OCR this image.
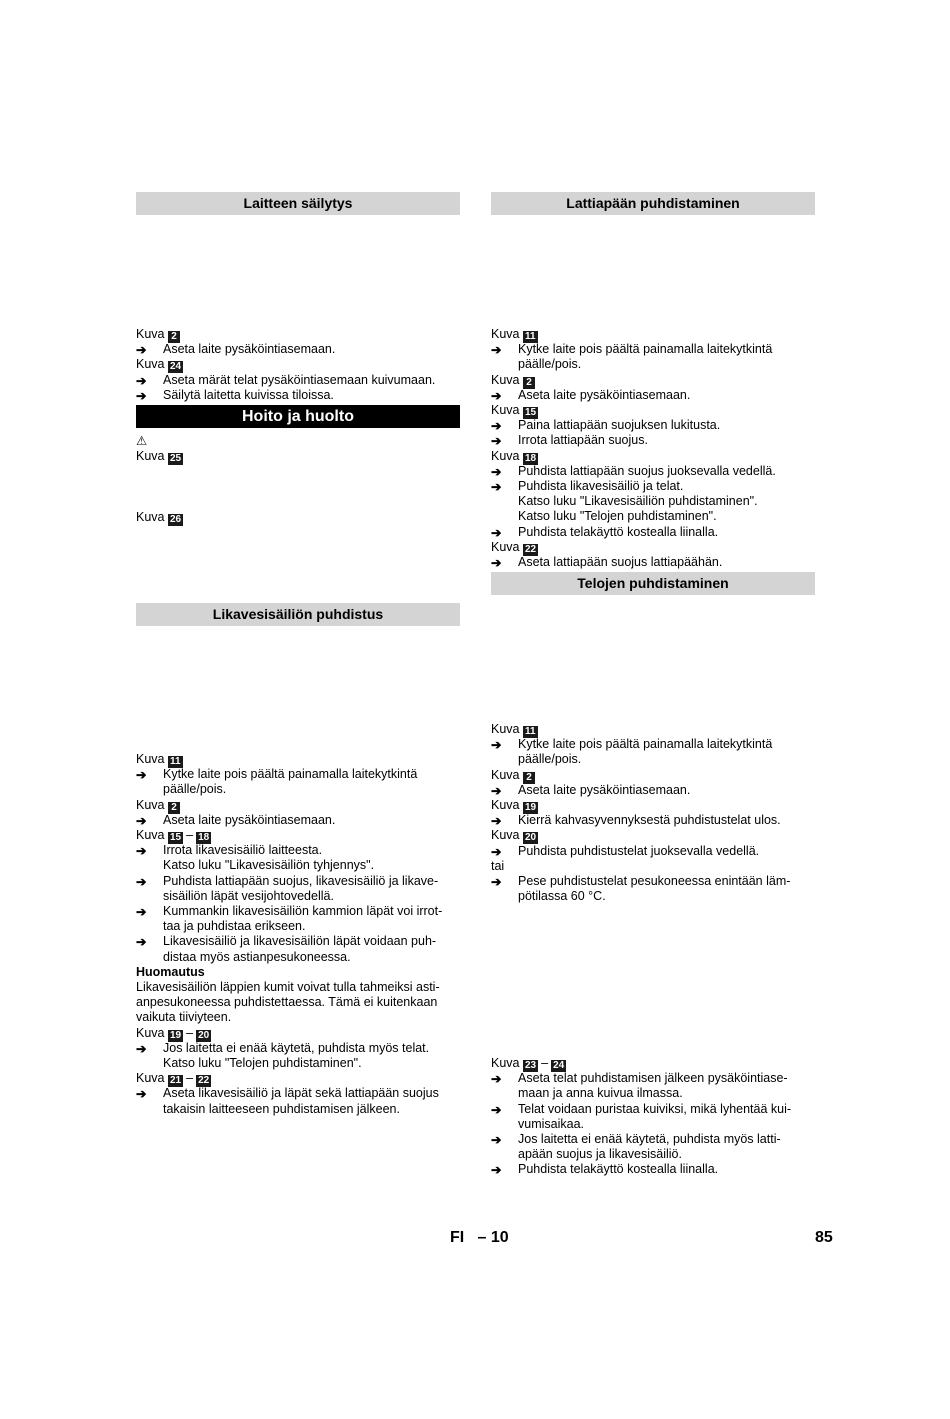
Laitteen säilytys
Kuva 2
➔ Aseta laite pysäköintiasemaan.
Kuva 24
➔ Aseta märät telat pysäköintiasemaan kuivumaan.
➔ Säilytä laitetta kuivissa tiloissa.
Hoito ja huolto
⚠
Kuva 25
Kuva 26
Likavesisäiliön puhdistus
Kuva 11
➔ Kytke laite pois päältä painamalla laitekytkintä
päälle/pois.
Kuva 2
➔ Aseta laite pysäköintiasemaan.
Kuva 15 – 18
➔ Irrota likavesisäiliö laitteesta.
Katso luku "Likavesisäiliön tyhjennys".
➔ Puhdista lattiapään suojus, likavesisäiliö ja likave-
sisäiliön läpät vesijohtovedellä.
➔ Kummankin likavesisäiliön kammion läpät voi irrot-
taa ja puhdistaa erikseen.
➔ Likavesisäiliö ja likavesisäiliön läpät voidaan puh-
distaa myös astianpesukoneessa.
Huomautus
Likavesisäiliön läppien kumit voivat tulla tahmeiksi asti-
anpesukoneessa puhdistettaessa. Tämä ei kuitenkaan
vaikuta tiiviyteen.
Kuva 19 – 20
➔ Jos laitetta ei enää käytetä, puhdista myös telat.
Katso luku "Telojen puhdistaminen".
Kuva 21 – 22
➔ Aseta likavesisäiliö ja läpät sekä lattiapään suojus
takaisin laitteeseen puhdistamisen jälkeen.
Lattiapään puhdistaminen
Kuva 11
➔ Kytke laite pois päältä painamalla laitekytkintä
päälle/pois.
Kuva 2
➔ Aseta laite pysäköintiasemaan.
Kuva 15
➔ Paina lattiapään suojuksen lukitusta.
➔ Irrota lattiapään suojus.
Kuva 18
➔ Puhdista lattiapään suojus juoksevalla vedellä.
➔ Puhdista likavesisäiliö ja telat.
Katso luku "Likavesisäiliön puhdistaminen".
Katso luku "Telojen puhdistaminen".
➔ Puhdista telakäyttö kostealla liinalla.
Kuva 22
➔ Aseta lattiapään suojus lattiapäähän.
Telojen puhdistaminen
Kuva 11
➔ Kytke laite pois päältä painamalla laitekytkintä
päälle/pois.
Kuva 2
➔ Aseta laite pysäköintiasemaan.
Kuva 19
➔ Kierrä kahvasyvennyksestä puhdistustelat ulos.
Kuva 20
➔ Puhdista puhdistustelat juoksevalla vedellä.
tai
➔ Pese puhdistustelat pesukoneessa enintään läm-
pötilassa 60 °C.
Kuva 23 – 24
➔ Aseta telat puhdistamisen jälkeen pysäköintiase-
maan ja anna kuivua ilmassa.
➔ Telat voidaan puristaa kuiviksi, mikä lyhentää kui-
vumisaikaa.
➔ Jos laitetta ei enää käytetä, puhdista myös latti-
apään suojus ja likavesisäiliö.
➔ Puhdista telakäyttö kostealla liinalla.
FI   – 10	85
